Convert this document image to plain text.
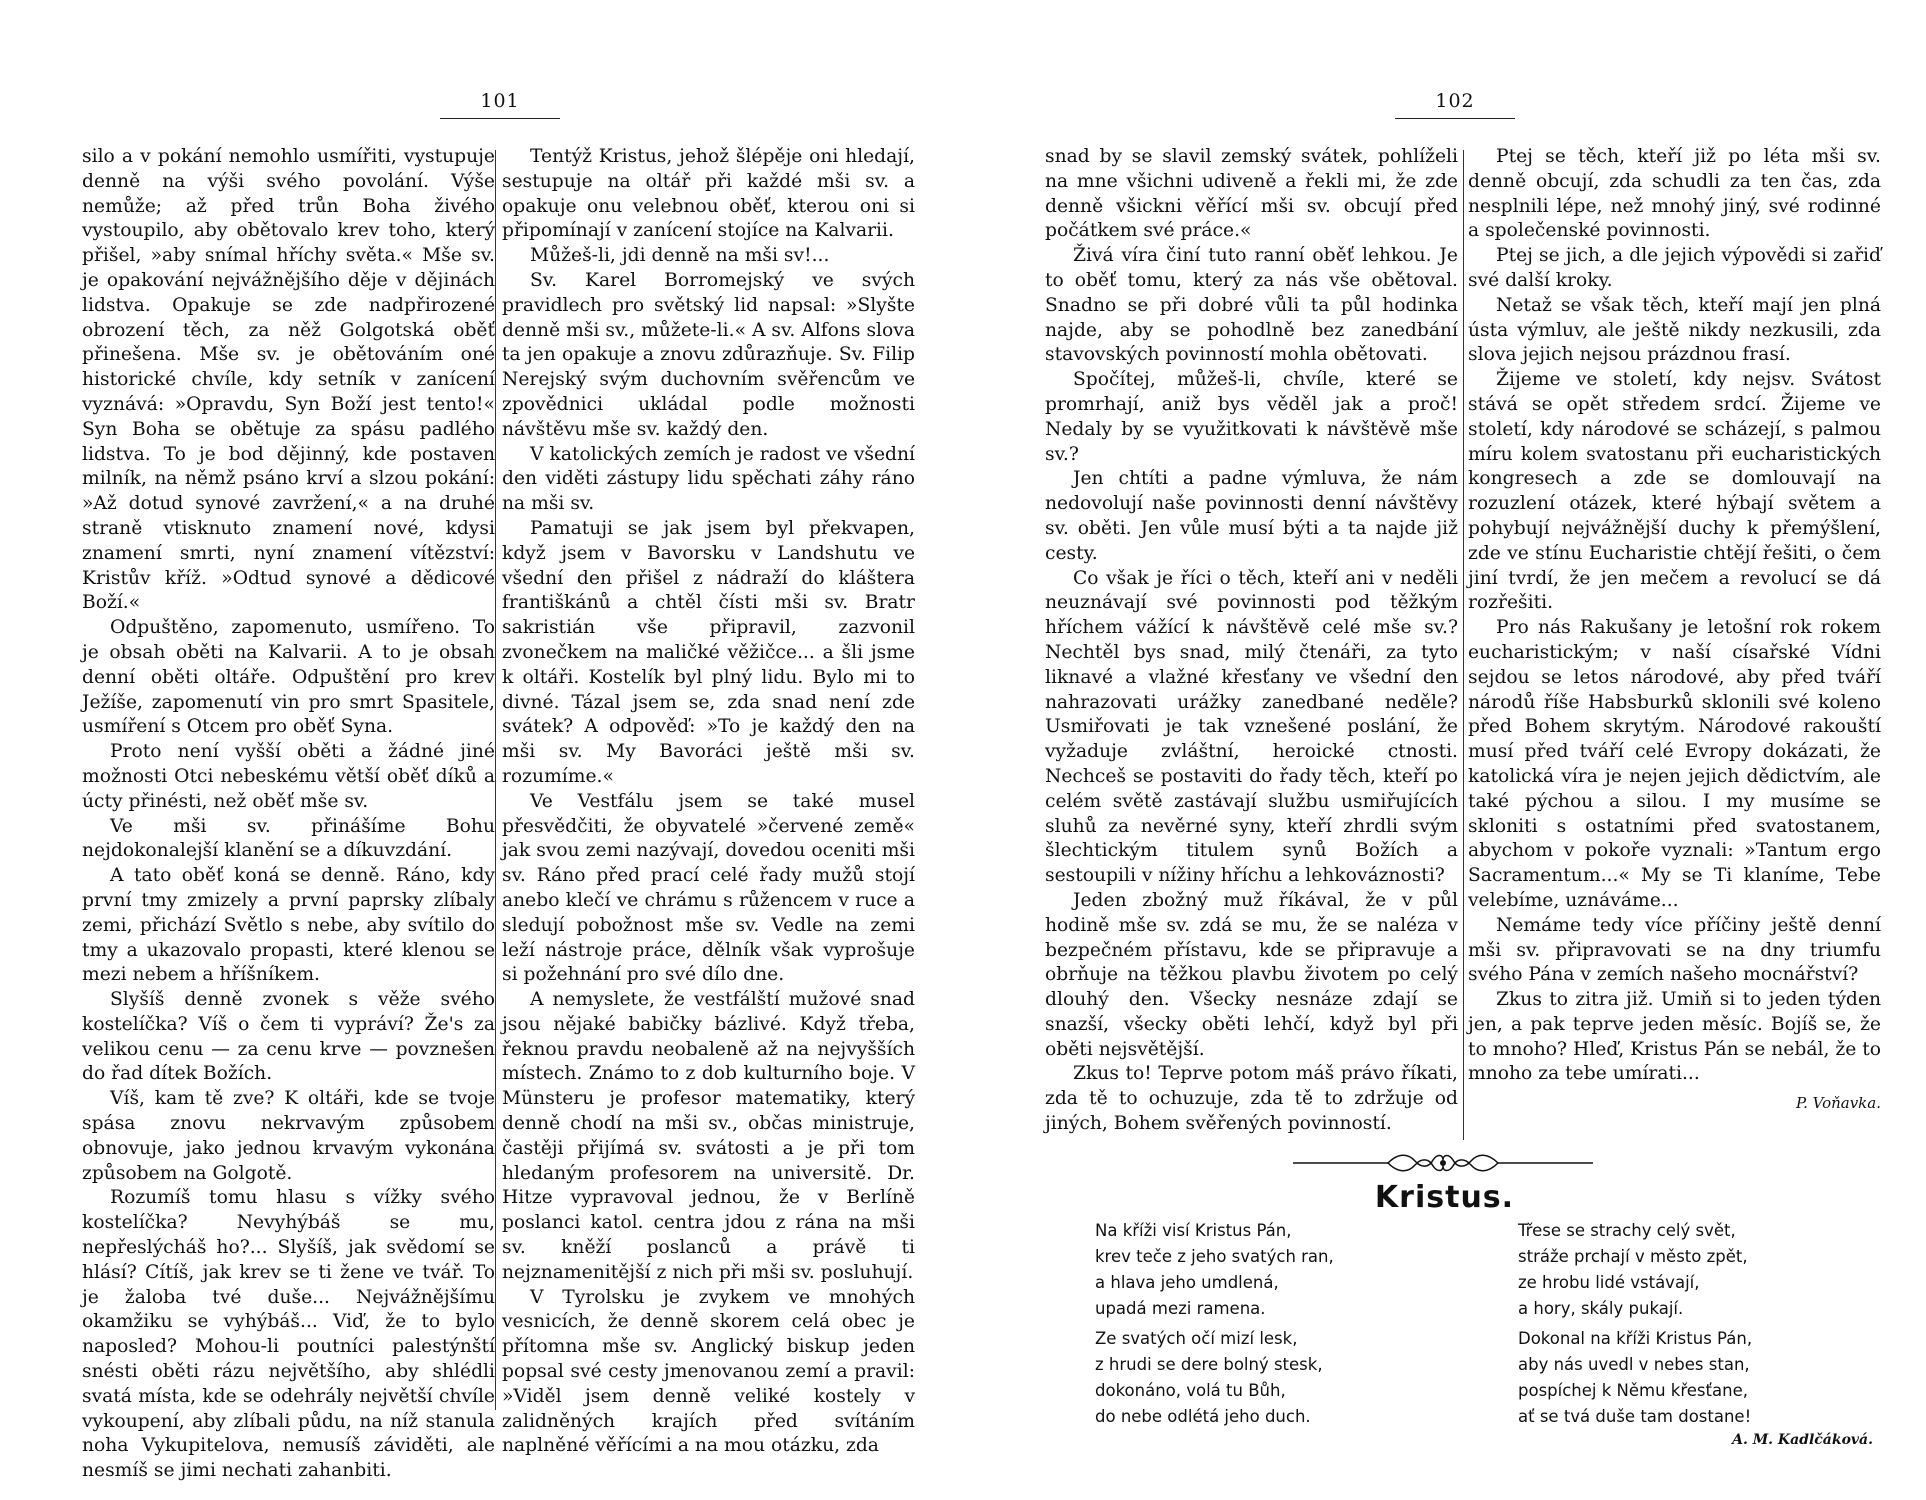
101

silo a v pokání nemohlo usmířiti, vystupuje denně na výši svého povolání. Výše nemůže; až před trůn Boha živého vystoupilo, aby obětovalo krev toho, který přišel, »aby snímal hříchy světa.« Mše sv. je opakování nejvážnějšího děje v dějinách lidstva. Opakuje se zde nadpřirozené obrození těch, za něž Golgotská oběť přinešena. Mše sv. je obětováním oné historické chvíle, kdy setník v zanícení vyznává: »Opravdu, Syn Boží jest tento!« Syn Boha se obětuje za spásu padlého lidstva. To je bod dějinný, kde postaven milník, na němž psáno krví a slzou pokání: »Až dotud synové zavržení,« a na druhé straně vtisknuto znamení nové, kdysi znamení smrti, nyní znamení vítězství: Kristův kříž. »Odtud synové a dědicové Boží.«

Odpuštěno, zapomenuto, usmířeno. To je obsah oběti na Kalvarii. A to je obsah denní oběti oltáře. Odpuštění pro krev Ježíše, zapomenutí vin pro smrt Spasitele, usmíření s Otcem pro oběť Syna.

Proto není vyšší oběti a žádné jiné možnosti Otci nebeskému větší oběť díků a úcty přinésti, než oběť mše sv.

Ve mši sv. přinášíme Bohu nejdokonalejší klanění se a díkuvzdání.

A tato oběť koná se denně. Ráno, kdy první tmy zmizely a první paprsky zlíbaly zemi, přichází Světlo s nebe, aby svítilo do tmy a ukazovalo propasti, které klenou se mezi nebem a hříšníkem.

Slyšíš denně zvonek s věže svého kostelíčka? Víš o čem ti vypráví? Že's za velikou cenu — za cenu krve — povznešen do řad dítek Božích.

Víš, kam tě zve? K oltáři, kde se tvoje spása znovu nekrvavým způsobem obnovuje, jako jednou krvavým vykonána způsobem na Golgotě.

Rozumíš tomu hlasu s vížky svého kostelíčka? Nevyhýbáš se mu, nepřeslýcháš ho?... Slyšíš, jak svědomí se hlásí? Cítíš, jak krev se ti žene ve tvář. To je žaloba tvé duše... Nejvážnějšímu okamžiku se vyhýbáš... Viď, že to bylo naposled? Mohou-li poutníci palestýnští snésti oběti rázu největšího, aby shlédli svatá místa, kde se odehrály největší chvíle vykoupení, aby zlíbali půdu, na níž stanula noha Vykupitelova, nemusíš záviděti, ale nesmíš se jimi nechati zahanbiti.

Tentýž Kristus, jehož šlépěje oni hledají, sestupuje na oltář při každé mši sv. a opakuje onu velebnou oběť, kterou oni si připomínají v zanícení stojíce na Kalvarii.

Můžeš-li, jdi denně na mši sv!...

Sv. Karel Borromejský ve svých pravidlech pro světský lid napsal: »Slyšte denně mši sv., můžete-li.« A sv. Alfons slova ta jen opakuje a znovu zdůrazňuje. Sv. Filip Nerejský svým duchovním svěřencům ve zpovědnici ukládal podle možnosti návštěvu mše sv. každý den.

V katolických zemích je radost ve všední den viděti zástupy lidu spěchati záhy ráno na mši sv.

Pamatuji se jak jsem byl překvapen, když jsem v Bavorsku v Landshutu ve všední den přišel z nádraží do kláštera františkánů a chtěl čísti mši sv. Bratr sakristián vše připravil, zazvonil zvonečkem na maličké věžičce... a šli jsme k oltáři. Kostelík byl plný lidu. Bylo mi to divné. Tázal jsem se, zda snad není zde svátek? A odpověď: »To je každý den na mši sv. My Bavoráci ještě mši sv. rozumíme.«

Ve Vestfálu jsem se také musel přesvědčiti, že obyvatelé »červené země« jak svou zemi nazývají, dovedou oceniti mši sv. Ráno před prací celé řady mužů stojí anebo klečí ve chrámu s růžencem v ruce a sledují pobožnost mše sv. Vedle na zemi leží nástroje práce, dělník však vyprošuje si požehnání pro své dílo dne.

A nemyslete, že vestfálští mužové snad jsou nějaké babičky bázlivé. Když třeba, řeknou pravdu neobaleně až na nejvyšších místech. Známo to z dob kulturního boje. V Münsteru je profesor matematiky, který denně chodí na mši sv., občas ministruje, častěji přijímá sv. svátosti a je při tom hledaným profesorem na universitě. Dr. Hitze vypravoval jednou, že v Berlíně poslanci katol. centra jdou z rána na mši sv. kněží poslanců a právě ti nejznamenitější z nich při mši sv. posluhují.

V Tyrolsku je zvykem ve mnohých vesnicích, že denně skorem celá obec je přítomna mše sv. Anglický biskup jeden popsal své cesty jmenovanou zemí a pravil: »Viděl jsem denně veliké kostely v zalidněných krajích před svítáním naplněné věřícími a na mou otázku, zda

102

snad by se slavil zemský svátek, pohlíželi na mne všichni udiveně a řekli mi, že zde denně všickni věřící mši sv. obcují před počátkem své práce.«

Živá víra činí tuto ranní oběť lehkou. Je to oběť tomu, který za nás vše obětoval. Snadno se při dobré vůli ta půl hodinka najde, aby se pohodlně bez zanedbání stavovských povinností mohla obětovati.

Spočítej, můžeš-li, chvíle, které se promrhají, aniž bys věděl jak a proč! Nedaly by se využitkovati k návštěvě mše sv.?

Jen chtíti a padne výmluva, že nám nedovolují naše povinnosti denní návštěvy sv. oběti. Jen vůle musí býti a ta najde již cesty.

Co však je říci o těch, kteří ani v neděli neuznávají své povinnosti pod těžkým hříchem vážící k návštěvě celé mše sv.? Nechtěl bys snad, milý čtenáři, za tyto liknavé a vlažné křesťany ve všední den nahrazovati urážky zanedbané neděle? Usmiřovati je tak vznešené poslání, že vyžaduje zvláštní, heroické ctnosti. Nechceš se postaviti do řady těch, kteří po celém světě zastávají službu usmiřujících sluhů za nevěrné syny, kteří zhrdli svým šlechtickým titulem synů Božích a sestoupili v nížiny hříchu a lehkováznosti?

Jeden zbožný muž říkával, že v půl hodině mše sv. zdá se mu, že se naléza v bezpečném přístavu, kde se připravuje a obrňuje na těžkou plavbu životem po celý dlouhý den. Všecky nesnáze zdají se snazší, všecky oběti lehčí, když byl při oběti nejsvětější.

Zkus to! Teprve potom máš právo říkati, zda tě to ochuzuje, zda tě to zdržuje od jiných, Bohem svěřených povinností.

Ptej se těch, kteří již po léta mši sv. denně obcují, zda schudli za ten čas, zda nesplnili lépe, než mnohý jiný, své rodinné a společenské povinnosti.

Ptej se jich, a dle jejich výpovědi si zařiď své další kroky.

Netaž se však těch, kteří mají jen plná ústa výmluv, ale ještě nikdy nezkusili, zda slova jejich nejsou prázdnou frasí.

Žijeme ve století, kdy nejsv. Svátost stává se opět středem srdcí. Žijeme ve století, kdy národové se scházejí, s palmou míru kolem svatostanu při eucharistických kongresech a zde se domlouvají na rozuzlení otázek, které hýbají světem a pohybují nejvážnější duchy k přemýšlení, zde ve stínu Eucharistie chtějí řešiti, o čem jiní tvrdí, že jen mečem a revolucí se dá rozřešiti.

Pro nás Rakušany je letošní rok rokem eucharistickým; v naší císařské Vídni sejdou se letos národové, aby před tváří národů říše Habsburků sklonili své koleno před Bohem skrytým. Národové rakouští musí před tváří celé Evropy dokázati, že katolická víra je nejen jejich dědictvím, ale také pýchou a silou. I my musíme se skloniti s ostatními před svatostanem, abychom v pokoře vyznali: »Tantum ergo Sacramentum...« My se Ti klaníme, Tebe velebíme, uznáváme...

Nemáme tedy více příčiny ještě denní mši sv. připravovati se na dny triumfu svého Pána v zemích našeho mocnářství?

Zkus to zitra již. Umiň si to jeden týden jen, a pak teprve jeden měsíc. Bojíš se, že to mnoho? Hleď, Kristus Pán se nebál, že to mnoho za tebe umírati...

P. Voňavka.

Kristus.
Na kříži visí Kristus Pán,
krev teče z jeho svatých ran,
a hlava jeho umdlená,
upadá mezi ramena.
Ze svatých očí mizí lesk,
z hrudi se dere bolný stesk,
dokonáno, volá tu Bůh,
do nebe odlétá jeho duch.
Třese se strachy celý svět,
stráže prchají v město zpět,
ze hrobu lidé vstávají,
a hory, skály pukají.
Dokonal na kříži Kristus Pán,
aby nás uvedl v nebes stan,
pospíchej k Němu křesťane,
ať se tvá duše tam dostane!
A. M. Kadlčáková.
